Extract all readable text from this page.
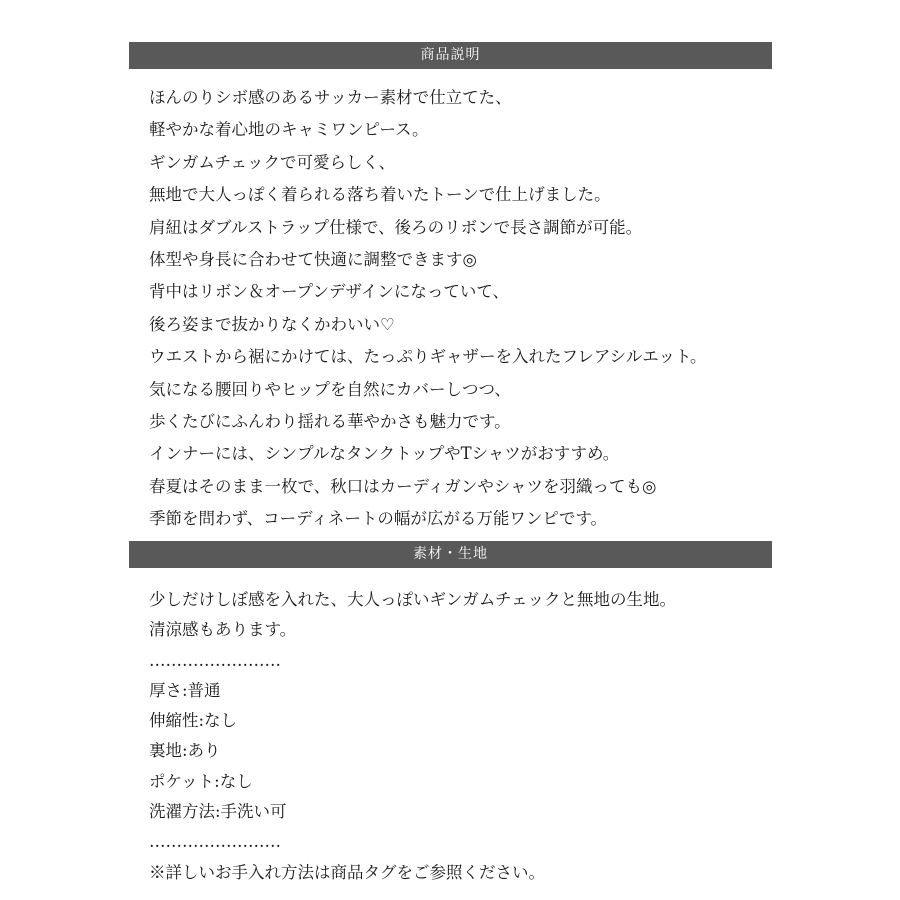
商品説明
ほんのりシボ感のあるサッカー素材で仕立てた、
軽やかな着心地のキャミワンピース。
ギンガムチェックで可愛らしく、
無地で大人っぽく着られる落ち着いたトーンで仕上げました。
肩紐はダブルストラップ仕様で、後ろのリボンで長さ調節が可能。
体型や身長に合わせて快適に調整できます◎
背中はリボン＆オープンデザインになっていて、
後ろ姿まで抜かりなくかわいい♡
ウエストから裾にかけては、たっぷりギャザーを入れたフレアシルエット。
気になる腰回りやヒップを自然にカバーしつつ、
歩くたびにふんわり揺れる華やかさも魅力です。
インナーには、シンプルなタンクトップやTシャツがおすすめ。
春夏はそのまま一枚で、秋口はカーディガンやシャツを羽織っても◎
季節を問わず、コーディネートの幅が広がる万能ワンピです。
素材・生地
少しだけしぼ感を入れた、大人っぽいギンガムチェックと無地の生地。
清涼感もあります。
……………………
厚さ:普通
伸縮性:なし
裏地:あり
ポケット:なし
洗濯方法:手洗い可
……………………
※詳しいお手入れ方法は商品タグをご参照ください。
